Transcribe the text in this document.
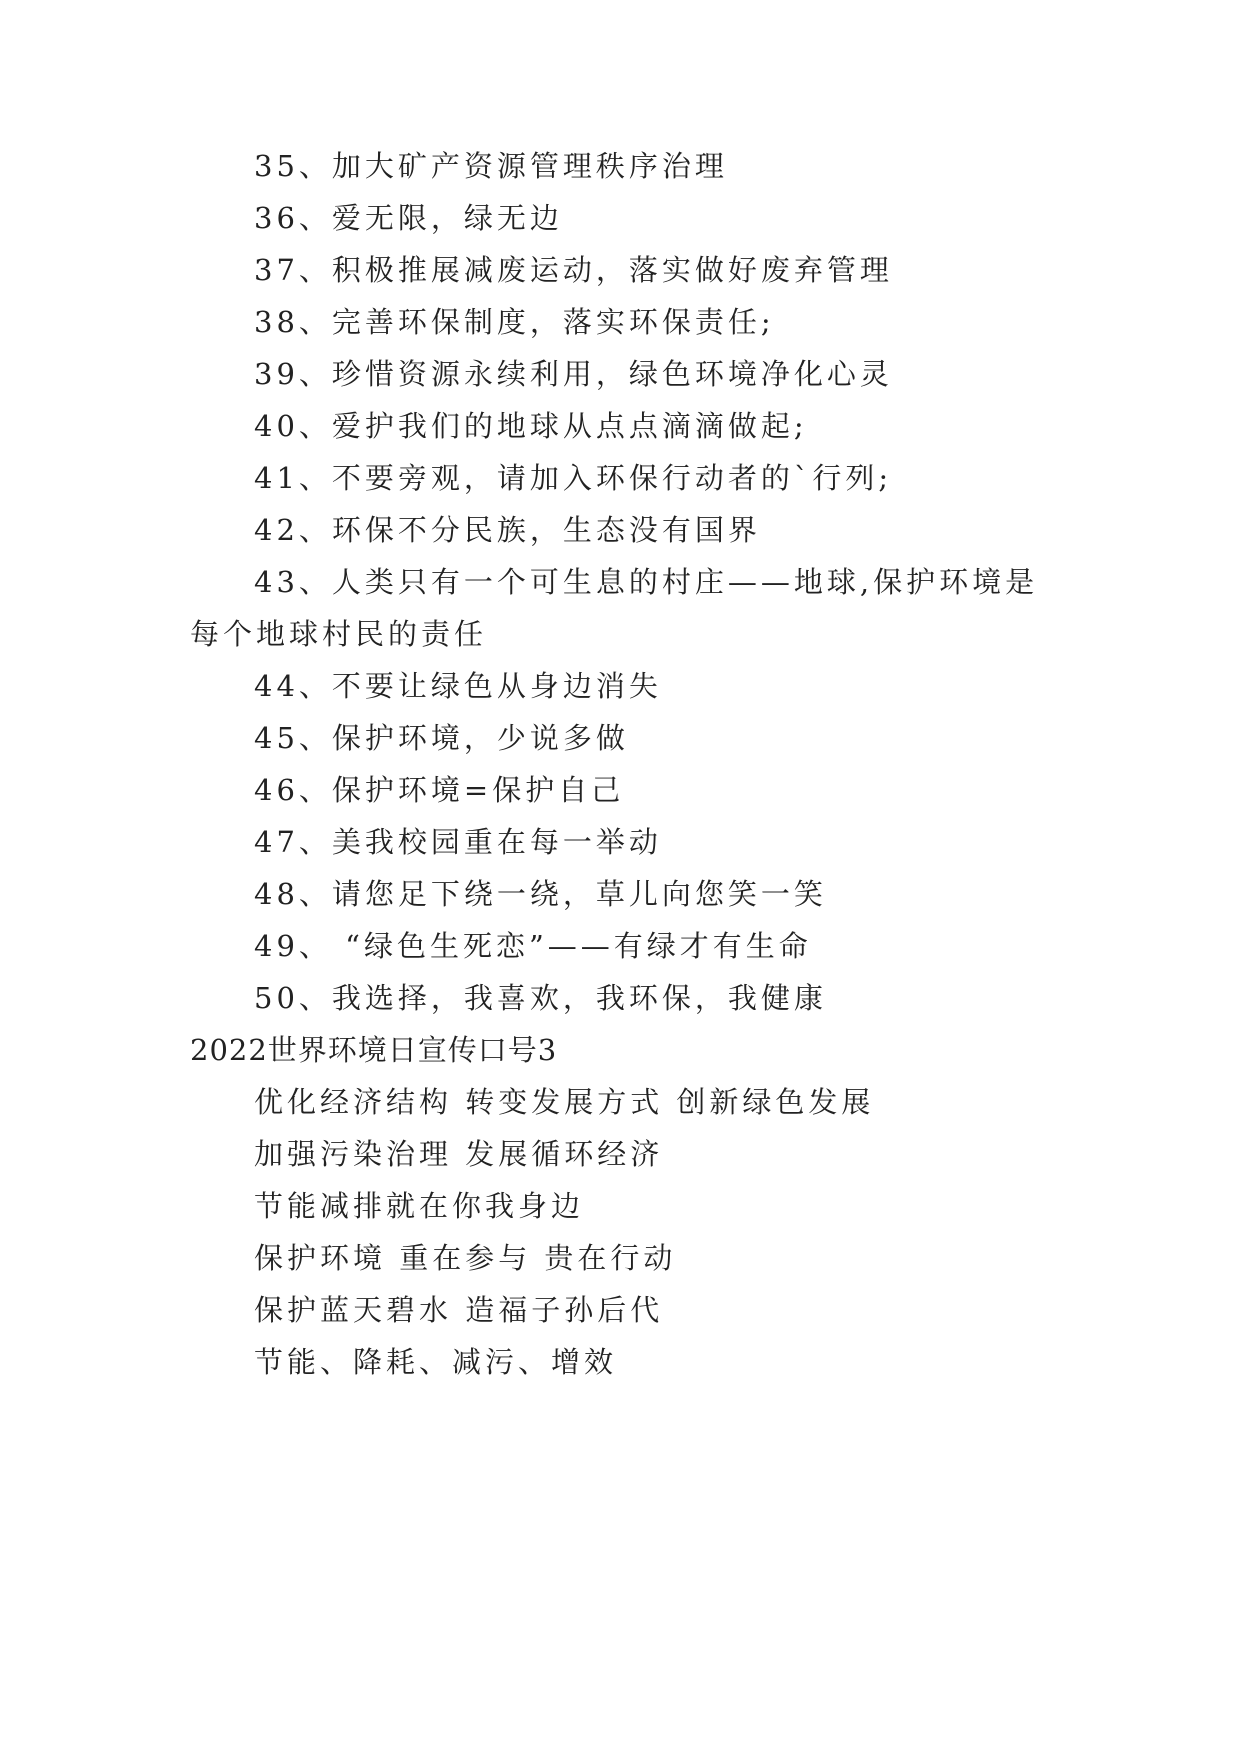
35、加大矿产资源管理秩序治理
36、爱无限，绿无边
37、积极推展减废运动，落实做好废弃管理
38、完善环保制度，落实环保责任;
39、珍惜资源永续利用，绿色环境净化心灵
40、爱护我们的地球从点点滴滴做起;
41、不要旁观，请加入环保行动者的`行列;
42、环保不分民族，生态没有国界
43、人类只有一个可生息的村庄——地球,保护环境是
每个地球村民的责任
44、不要让绿色从身边消失
45、保护环境，少说多做
46、保护环境=保护自己
47、美我校园重在每一举动
48、请您足下绕一绕，草儿向您笑一笑
49、 “绿色生死恋”——有绿才有生命
50、我选择，我喜欢，我环保，我健康
2022世界环境日宣传口号3
优化经济结构 转变发展方式 创新绿色发展
加强污染治理 发展循环经济
节能减排就在你我身边
保护环境 重在参与 贵在行动
保护蓝天碧水 造福子孙后代
节能、降耗、减污、增效
